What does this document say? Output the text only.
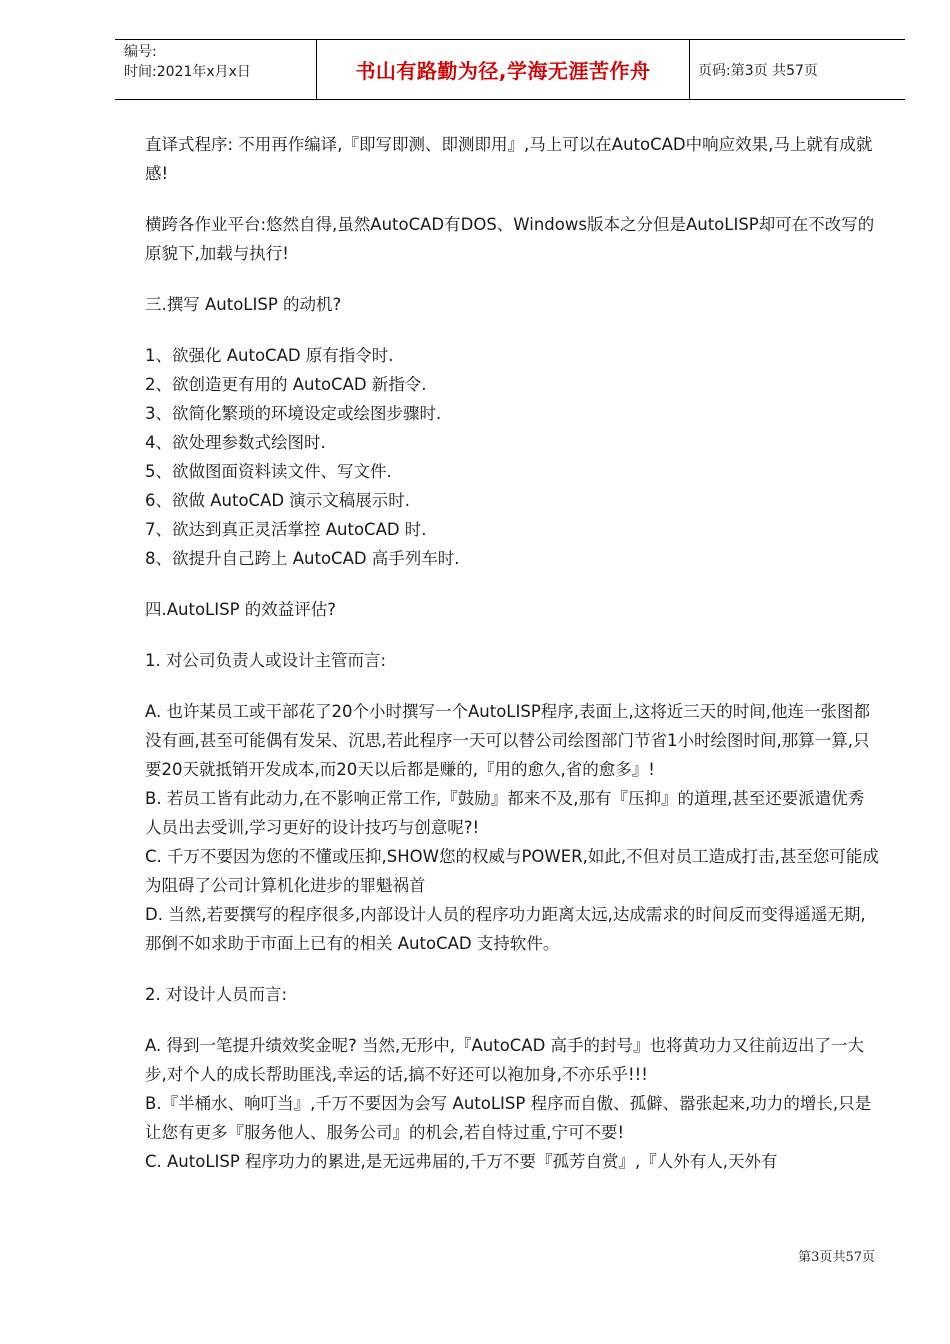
编号:
时间:2021年x月x日	书山有路勤为径,学海无涯苦作舟	页码:第3页 共57页

直译式程序: 不用再作编译,『即写即测、即测即用』,马上可以在AutoCAD中响应效果,马上就有成就感!

横跨各作业平台:悠然自得,虽然AutoCAD有DOS、Windows版本之分但是AutoLISP却可在不改写的原貌下,加载与执行!

三.撰写 AutoLISP 的动机?

1、欲强化 AutoCAD 原有指令时.
2、欲创造更有用的 AutoCAD 新指令.
3、欲简化繁琐的环境设定或绘图步骤时.
4、欲处理参数式绘图时.
5、欲做图面资料读文件、写文件.
6、欲做 AutoCAD 演示文稿展示时.
7、欲达到真正灵活掌控 AutoCAD 时.
8、欲提升自己跨上 AutoCAD 高手列车时.

四.AutoLISP 的效益评估?

1. 对公司负责人或设计主管而言:

A. 也许某员工或干部花了20个小时撰写一个AutoLISP程序,表面上,这将近三天的时间,他连一张图都没有画,甚至可能偶有发呆、沉思,若此程序一天可以替公司绘图部门节省1小时绘图时间,那算一算,只要20天就抵销开发成本,而20天以后都是赚的,『用的愈久,省的愈多』!
B. 若员工皆有此动力,在不影响正常工作,『鼓励』都来不及,那有『压抑』的道理,甚至还要派遣优秀人员出去受训,学习更好的设计技巧与创意呢?!
C. 千万不要因为您的不懂或压抑,SHOW您的权威与POWER,如此,不但对员工造成打击,甚至您可能成为阻碍了公司计算机化进步的罪魁祸首
D. 当然,若要撰写的程序很多,内部设计人员的程序功力距离太远,达成需求的时间反而变得遥遥无期,那倒不如求助于市面上已有的相关 AutoCAD 支持软件。

2. 对设计人员而言:

A. 得到一笔提升绩效奖金呢? 当然,无形中,『AutoCAD 高手的封号』也将黄功力又往前迈出了一大步,对个人的成长帮助匪浅,幸运的话,搞不好还可以袍加身,不亦乐乎!!!
B.『半桶水、响叮当』,千万不要因为会写 AutoLISP 程序而自傲、孤僻、嚣张起来,功力的增长,只是让您有更多『服务他人、服务公司』的机会,若自恃过重,宁可不要!
C. AutoLISP 程序功力的累进,是无远弗届的,千万不要『孤芳自赏』,『人外有人,天外有

第3页共57页
